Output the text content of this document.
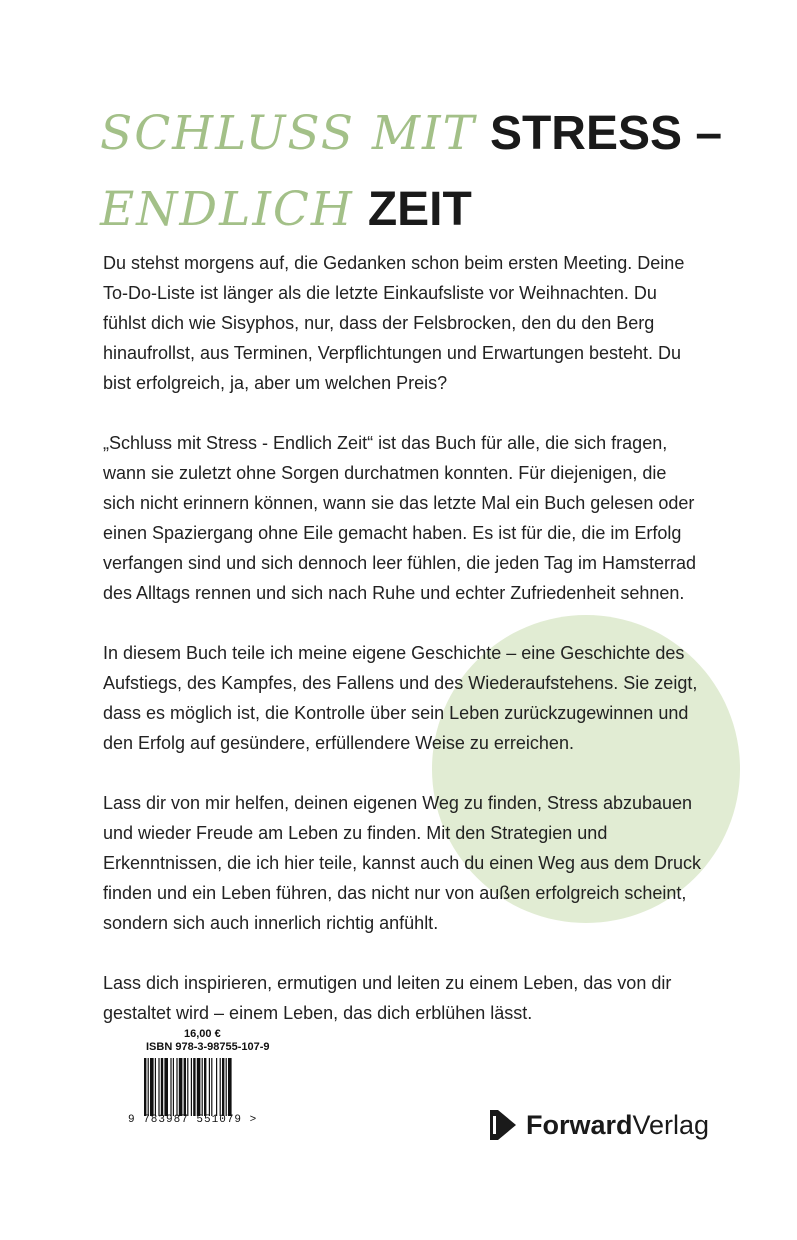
SCHLUSS MIT STRESS –
ENDLICH ZEIT

Du stehst morgens auf, die Gedanken schon beim ersten Meeting. Deine To-Do-Liste ist länger als die letzte Einkaufsliste vor Weihnachten. Du fühlst dich wie Sisyphos, nur, dass der Felsbrocken, den du den Berg hinaufrollst, aus Terminen, Verpflichtungen und Erwartungen besteht. Du bist erfolgreich, ja, aber um welchen Preis?

„Schluss mit Stress - Endlich Zeit“ ist das Buch für alle, die sich fragen, wann sie zuletzt ohne Sorgen durchatmen konnten. Für diejenigen, die sich nicht erinnern können, wann sie das letzte Mal ein Buch gelesen oder einen Spaziergang ohne Eile gemacht haben. Es ist für die, die im Erfolg verfangen sind und sich dennoch leer fühlen, die jeden Tag im Hamsterrad des Alltags rennen und sich nach Ruhe und echter Zufriedenheit sehnen.

In diesem Buch teile ich meine eigene Geschichte – eine Geschichte des Aufstiegs, des Kampfes, des Fallens und des Wiederaufstehens. Sie zeigt, dass es möglich ist, die Kontrolle über sein Leben zurückzugewinnen und den Erfolg auf gesündere, erfüllendere Weise zu erreichen.

Lass dir von mir helfen, deinen eigenen Weg zu finden, Stress abzubauen und wieder Freude am Leben zu finden. Mit den Strategien und Erkenntnissen, die ich hier teile, kannst auch du einen Weg aus dem Druck finden und ein Leben führen, das nicht nur von außen erfolgreich scheint, sondern sich auch innerlich richtig anfühlt.

Lass dich inspirieren, ermutigen und leiten zu einem Leben, das von dir gestaltet wird – einem Leben, das dich erblühen lässt.

16,00 €
ISBN 978-3-98755-107-9
9 783987 551079 >	Forward Verlag
